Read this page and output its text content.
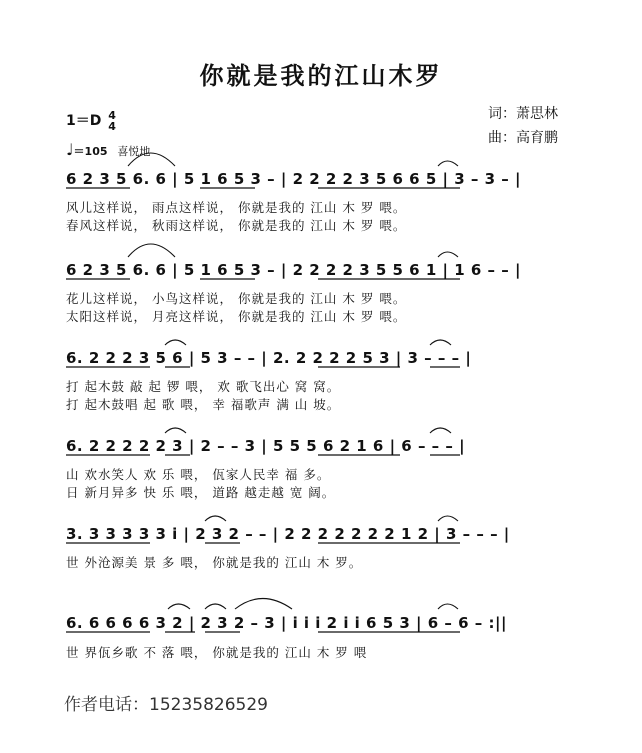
你就是我的江山木罗
词：萧思林
曲：高育鹏
1＝D 4
4
♩＝105 喜悦地
6 2 3 5 6. 6 | 5 1 6 5 3 – | 2 2 2 2 3 5 6 6 5 | 3 – 3 – |
风儿这样说， 雨点这样说， 你就是我的 江山 木 罗 喂。
春风这样说， 秋雨这样说， 你就是我的 江山 木 罗 喂。
6 2 3 5 6. 6 | 5 1 6 5 3 – | 2 2 2 2 3 5 5 6 1 | 1 6 – – |
花儿这样说， 小鸟这样说， 你就是我的 江山 木 罗 喂。
太阳这样说， 月亮这样说， 你就是我的 江山 木 罗 喂。
6. 2 2 2 3 5 6 | 5 3 – – | 2. 2 2 2 2 5 3 | 3 – – – |
打 起木鼓 敲 起 锣 喂， 欢 歌飞出心 窝 窝。
打 起木鼓唱 起 歌 喂， 幸 福歌声 满 山 坡。
6. 2 2 2 2 2 3 | 2 – – 3 | 5 5 5 6 2 1 6 | 6 – – – |
山 欢水笑人 欢 乐 喂， 佤家人民幸 福 多。
日 新月异多 快 乐 喂， 道路 越走越 宽 阔。
3. 3 3 3 3 3 i | 2 3 2 – – | 2 2 2 2 2 2 2 1 2 | 3 – – – |
世 外沧源美 景 多 喂， 你就是我的 江山 木 罗。
6. 6 6 6 6 3 2 | 2 3 2 – 3 | i i i 2 i i 6 5 3 | 6 – 6 – :||
世 界佤乡歌 不 落 喂， 你就是我的 江山 木 罗 喂
作者电话：15235826529
